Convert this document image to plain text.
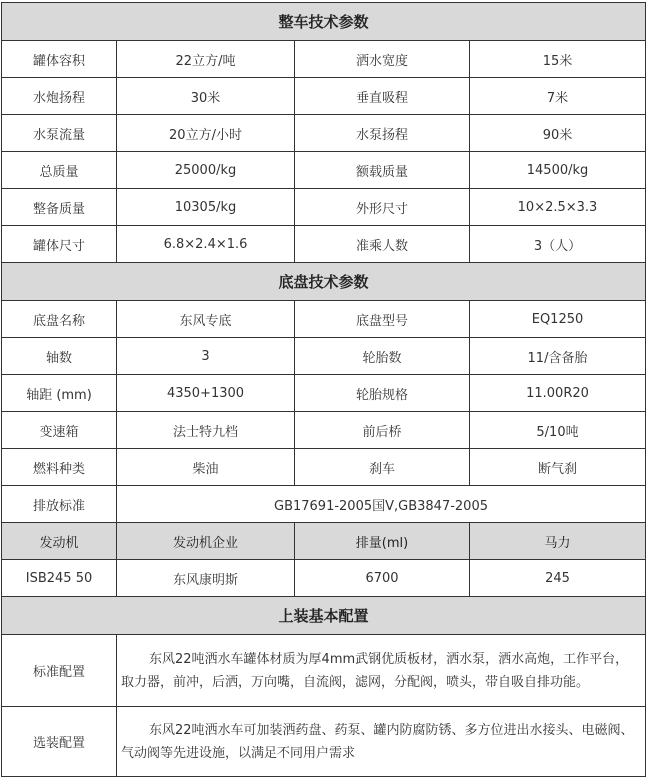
整车技术参数			
罐体容积	22立方/吨	洒水宽度	15米
水炮扬程	30米	垂直吸程	7米
水泵流量	20立方/小时	水泵扬程	90米
总质量	25000/kg	额载质量	14500/kg
整备质量	10305/kg	外形尺寸	10×2.5×3.3
罐体尺寸	6.8×2.4×1.6	准乘人数	3（人）
底盘技术参数			
底盘名称	东风专底	底盘型号	EQ1250
轴数	3	轮胎数	11/含备胎
轴距 (mm)	4350+1300	轮胎规格	11.00R20
变速箱	法士特九档	前后桥	5/10吨
燃料种类	柴油	刹车	断气刹
排放标准	GB17691-2005国Ⅴ,GB3847-2005		
发动机	发动机企业	排量(ml)	马力
ISB245 50	东风康明斯	6700	245
上装基本配置			
标准配置	东风22吨洒水车罐体材质为厚4mm武钢优质板材，洒水泵，洒水高炮，工作平台，取力器，前冲，后洒，万向嘴，自流阀，滤网，分配阀，喷头，带自吸自排功能。		
选装配置	东风22吨洒水车可加装洒药盘、药泵、罐内防腐防锈、多方位进出水接头、电磁阀、气动阀等先进设施，以满足不同用户需求		
